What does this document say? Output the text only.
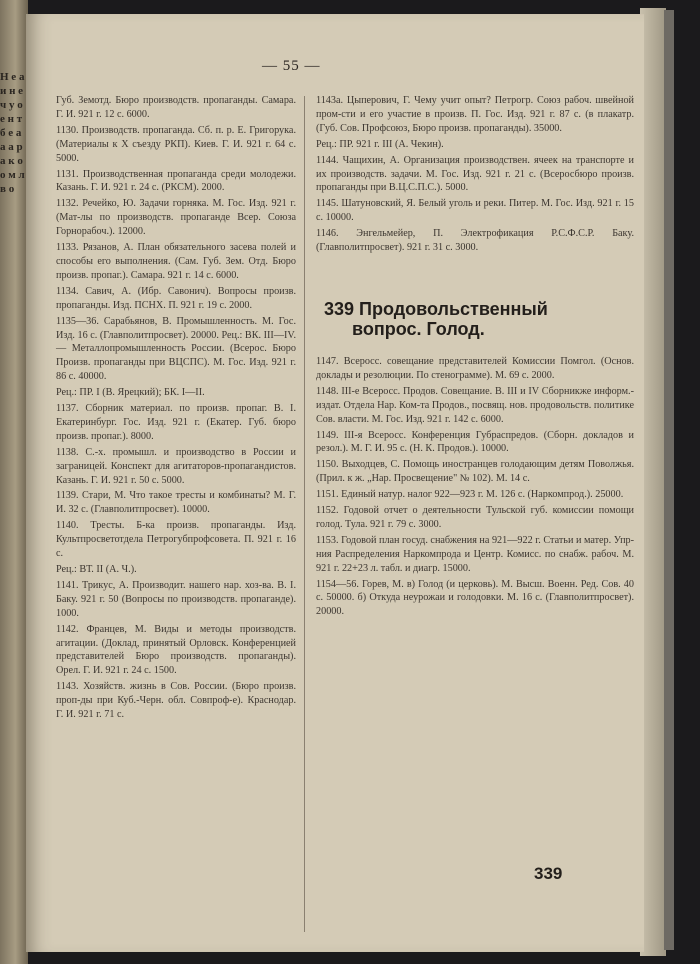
Н е а и н е ч у о е н т б е а а а р а к о о м л в о
— 55 —

Губ. Земотд. Бюро производств. пропаганды. Самара. Г. И. 921 г. 12 с. 6000.

1130. Производств. пропаганда. Сб. п. р. Е. Григорука. (Материалы к X съезду РКП). Киев. Г. И. 921 г. 64 с. 5000.

1131. Производственная пропаганда среди молодежи. Казань. Г. И. 921 г. 24 с. (РКСМ). 2000.

1132. Речейко, Ю. Задачи горняка. М. Гос. Изд. 921 г. (Мат-лы по производств. пропаганде Всер. Союза Горнорабоч.). 12000.

1133. Рязанов, А. План обязательного засева полей и способы его выполнения. (Сам. Губ. Зем. Отд. Бюро произв. пропаг.). Самара. 921 г. 14 с. 6000.

1134. Савич, А. (Ибр. Савонич). Вопросы произв. пропаганды. Изд. ПСНХ. П. 921 г. 19 с. 2000.

1135—36. Сарабьянов, В. Промышленность. М. Гос. Изд. 16 с. (Главполитпросвет). 20000. Рец.: ВК. III—IV. — Металлопромышленность России. (Всерос. Бюро Произв. пропаганды при ВЦСПС). М. Гос. Изд. 921 г. 86 с. 40000.

Рец.: ПР. I (В. Ярецкий); БК. I—II.

1137. Сборник материал. по произв. пропаг. В. I. Екатеринбург. Гос. Изд. 921 г. (Екатер. Губ. бюро произв. пропаг.). 8000.

1138. С.-х. промышл. и производство в России и заграницей. Конспект для агитаторов-пропагандистов. Казань. Г. И. 921 г. 50 с. 5000.

1139. Стари, М. Что такое тресты и комбинаты? М. Г. И. 32 с. (Главполитпросвет). 10000.

1140. Тресты. Б-ка произв. пропаганды. Изд. Культпросветотдела Петрогубпрофсовета. П. 921 г. 16 с.

Рец.: ВТ. II (А. Ч.).

1141. Трикус, А. Производит. нашего нар. хоз-ва. В. I. Баку. 921 г. 50 (Вопросы по производств. пропаганде). 1000.

1142. Францев, М. Виды и методы производств. агитации. (Доклад, принятый Орловск. Конференцией представителей Бюро производств. пропаганды). Орел. Г. И. 921 г. 24 с. 1500.

1143. Хозяйств. жизнь в Сов. России. (Бюро произв. проп-ды при Куб.-Черн. обл. Совпроф-е). Краснодар. Г. И. 921 г. 71 с.

1143а. Цыперович, Г. Чему учит опыт? Петрогр. Союз рабоч. швейной пром-сти и его участие в произв. П. Гос. Изд. 921 г. 87 с. (в плакатр. (Губ. Сов. Профсоюз, Бюро произв. пропаганды). 35000.

Рец.: ПР. 921 г. III (А. Чекин).

1144. Чащихин, А. Организация производствен. ячеек на транспорте и их производств. задачи. М. Гос. Изд. 921 г. 21 с. (Всеросбюро произв. пропаганды при В.Ц.С.П.С.). 5000.

1145. Шатуновский, Я. Белый уголь и реки. Питер. М. Гос. Изд. 921 г. 15 с. 10000.

1146. Энгельмейер, П. Электрофикация Р.С.Ф.С.Р. Баку. (Главполитпросвет). 921 г. 31 с. 3000.

339 Продовольственный
вопрос. Голод.

1147. Всеросс. совещание представителей Комиссии Помгол. (Основ. доклады и резолюции. По стенограмме). М. 69 с. 2000.

1148. III-е Всеросс. Продов. Совещание. В. III и IV Сборникже информ.-издат. Отдела Нар. Ком-та Продов., посвящ. нов. продовольств. политике Сов. власти. М. Гос. Изд. 921 г. 142 с. 6000.

1149. III-я Всеросс. Конференция Губраспредов. (Сборн. докладов и резол.). М. Г. И. 95 с. (Н. К. Продов.). 10000.

1150. Выходцев, С. Помощь иностранцев голодающим детям Поволжья. (Прил. к ж. „Нар. Просвещение" № 102). М. 14 с.

1151. Единый натур. налог 922—923 г. М. 126 с. (Наркомпрод.). 25000.

1152. Годовой отчет о деятельности Тульской губ. комиссии помощи голод. Тула. 921 г. 79 с. 3000.

1153. Годовой план госуд. снабжения на 921—922 г. Статьи и матер. Упр-ния Распределения Наркомпрода и Центр. Комисс. по снабж. рабоч. М. 921 г. 22+23 л. табл. и диагр. 15000.

1154—56. Горев, М. в) Голод (и церковь). М. Высш. Военн. Ред. Сов. 40 с. 50000. б) Откуда неурожаи и голодовки. М. 16 с. (Главполитпросвет). 20000.

339
